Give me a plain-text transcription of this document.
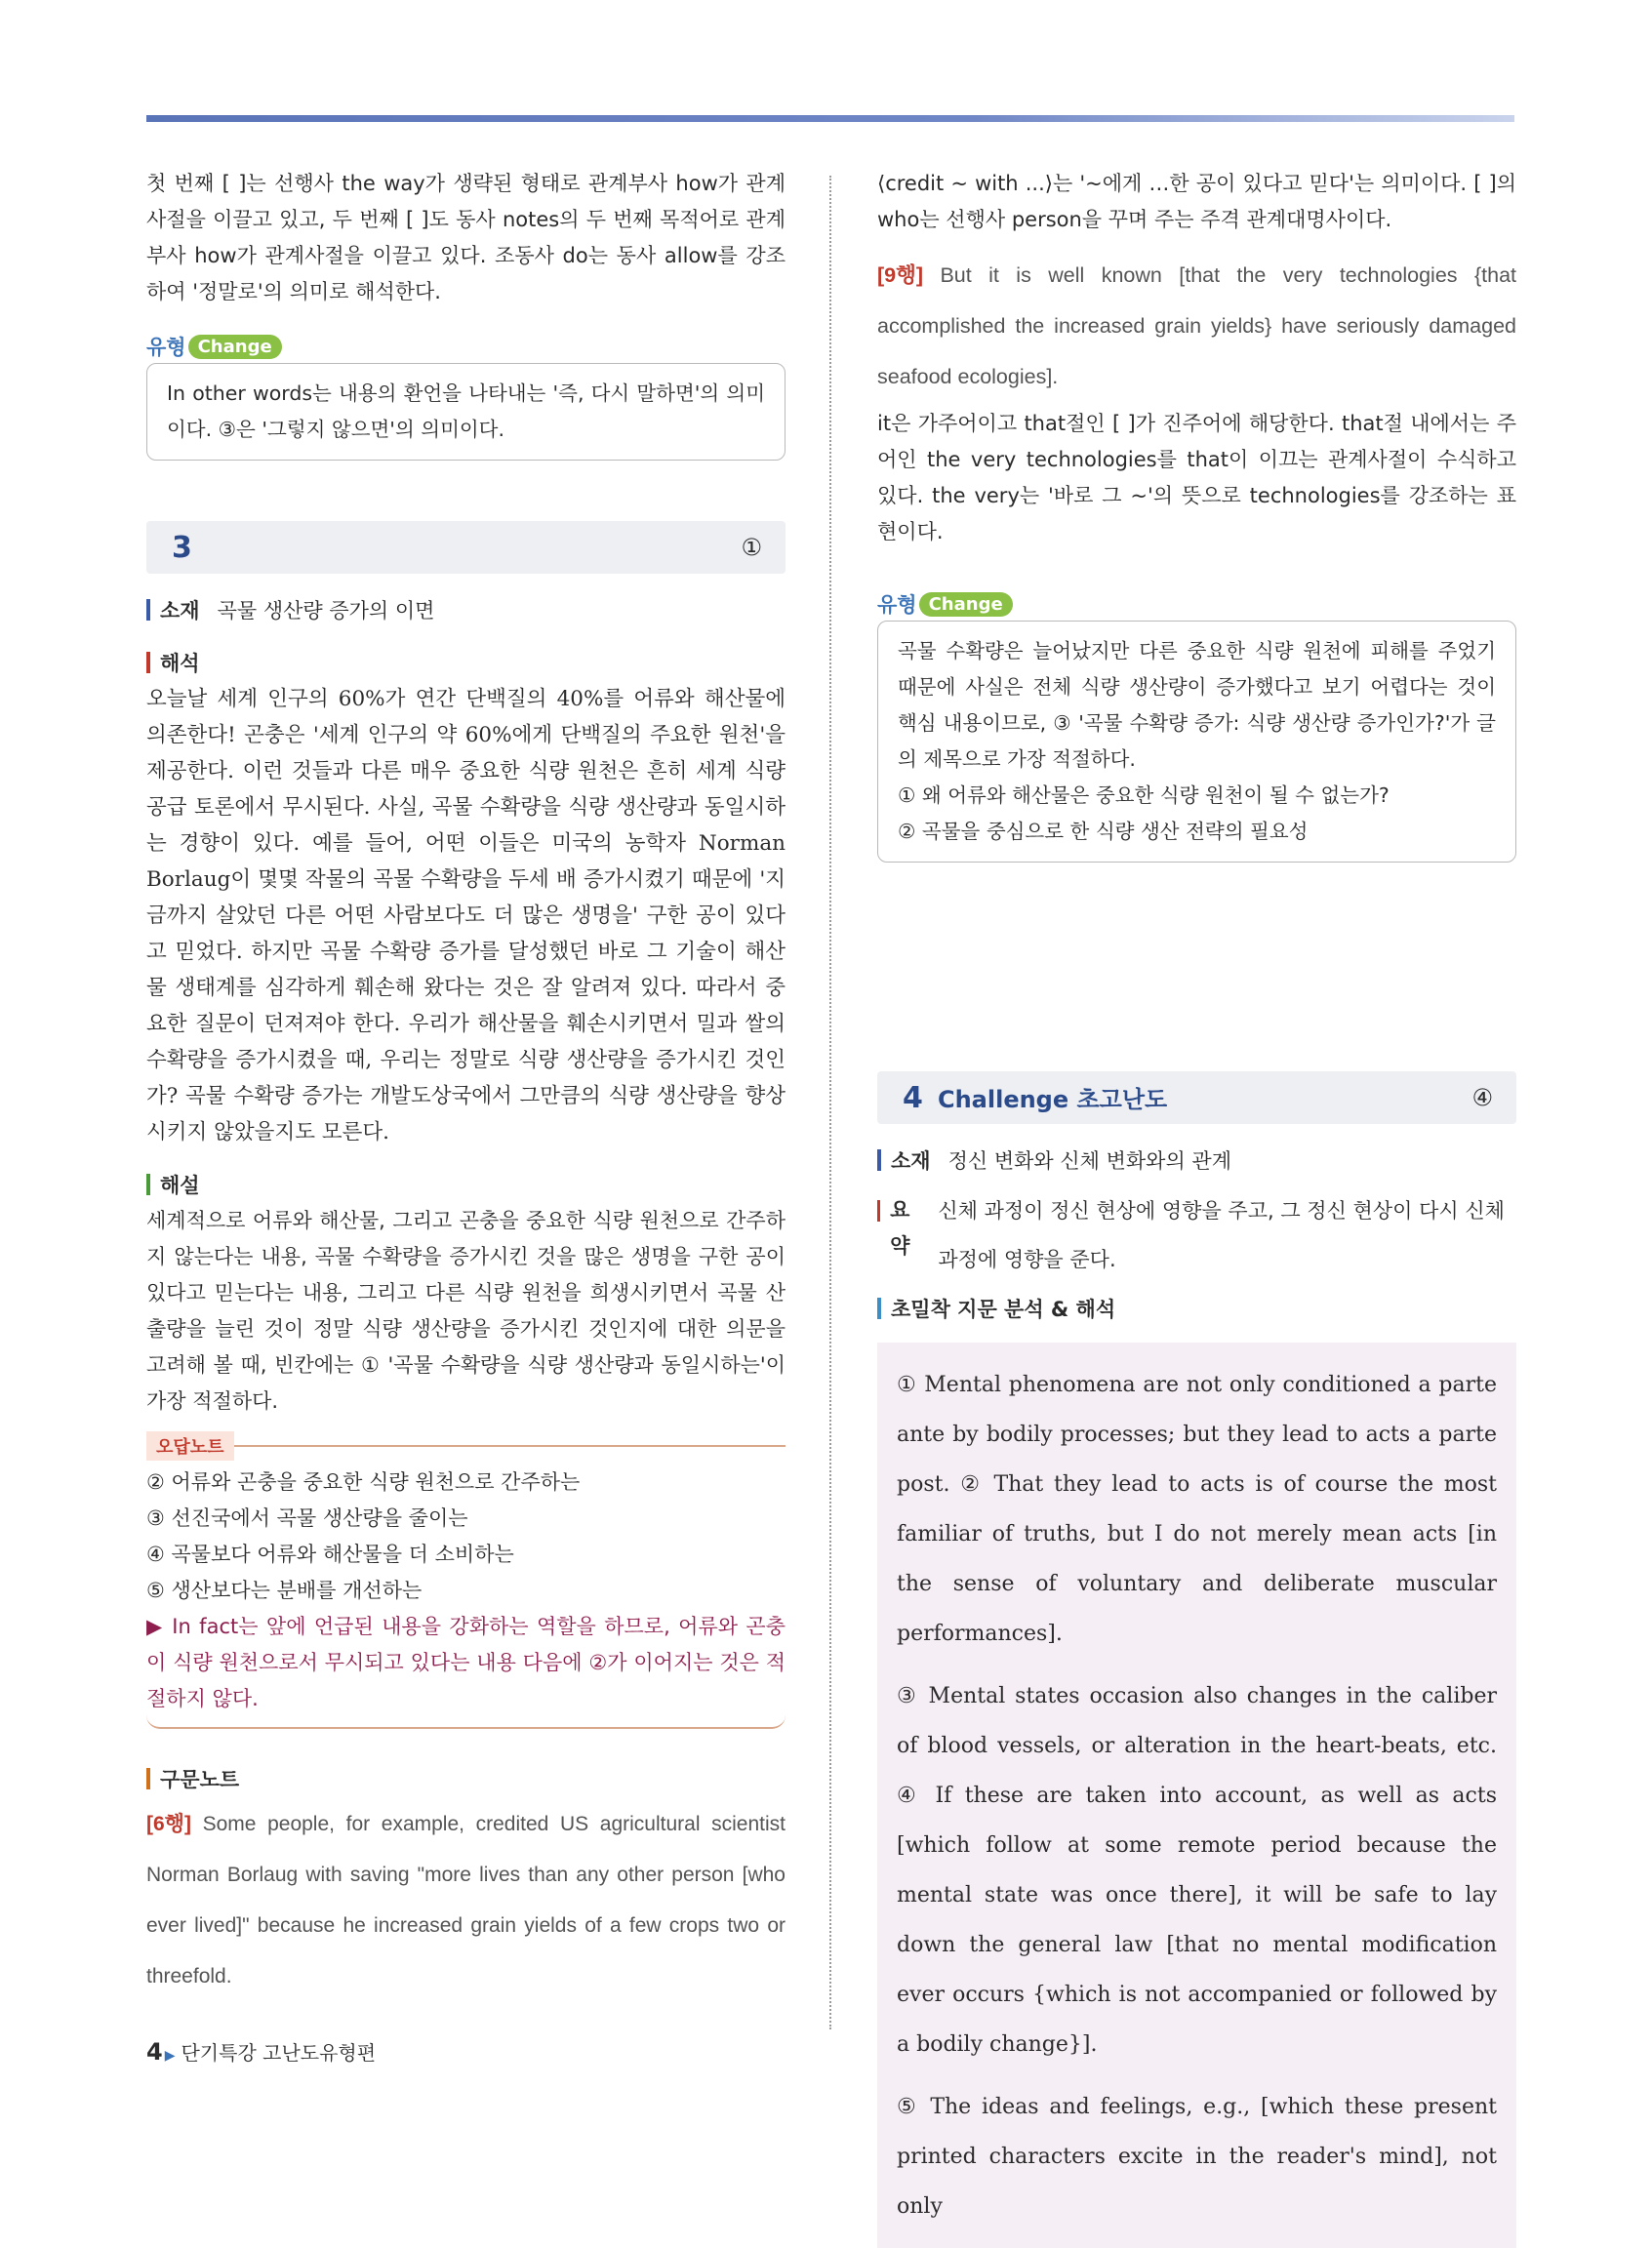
첫 번째 [ ]는 선행사 the way가 생략된 형태로 관계부사 how가 관계사절을 이끌고 있고, 두 번째 [ ]도 동사 notes의 두 번째 목적어로 관계부사 how가 관계사절을 이끌고 있다. 조동사 do는 동사 allow를 강조하여 '정말로'의 의미로 해석한다.

유형 Change

In other words는 내용의 환언을 나타내는 '즉, 다시 말하면'의 의미이다. ③은 '그렇지 않으면'의 의미이다.

3	①
소재 곡물 생산량 증가의 이면
해석

오늘날 세계 인구의 60%가 연간 단백질의 40%를 어류와 해산물에 의존한다! 곤충은 '세계 인구의 약 60%에게 단백질의 주요한 원천'을 제공한다. 이런 것들과 다른 매우 중요한 식량 원천은 흔히 세계 식량 공급 토론에서 무시된다. 사실, 곡물 수확량을 식량 생산량과 동일시하는 경향이 있다. 예를 들어, 어떤 이들은 미국의 농학자 Norman Borlaug이 몇몇 작물의 곡물 수확량을 두세 배 증가시켰기 때문에 '지금까지 살았던 다른 어떤 사람보다도 더 많은 생명을' 구한 공이 있다고 믿었다. 하지만 곡물 수확량 증가를 달성했던 바로 그 기술이 해산물 생태계를 심각하게 훼손해 왔다는 것은 잘 알려져 있다. 따라서 중요한 질문이 던져져야 한다. 우리가 해산물을 훼손시키면서 밀과 쌀의 수확량을 증가시켰을 때, 우리는 정말로 식량 생산량을 증가시킨 것인가? 곡물 수확량 증가는 개발도상국에서 그만큼의 식량 생산량을 향상시키지 않았을지도 모른다.

해설

세계적으로 어류와 해산물, 그리고 곤충을 중요한 식량 원천으로 간주하지 않는다는 내용, 곡물 수확량을 증가시킨 것을 많은 생명을 구한 공이 있다고 믿는다는 내용, 그리고 다른 식량 원천을 희생시키면서 곡물 산출량을 늘린 것이 정말 식량 생산량을 증가시킨 것인지에 대한 의문을 고려해 볼 때, 빈칸에는 ① '곡물 수확량을 식량 생산량과 동일시하는'이 가장 적절하다.

오답노트

② 어류와 곤충을 중요한 식량 원천으로 간주하는

③ 선진국에서 곡물 생산량을 줄이는

④ 곡물보다 어류와 해산물을 더 소비하는

⑤ 생산보다는 분배를 개선하는

▶ In fact는 앞에 언급된 내용을 강화하는 역할을 하므로, 어류와 곤충이 식량 원천으로서 무시되고 있다는 내용 다음에 ②가 이어지는 것은 적절하지 않다.

구문노트

[6행] Some people, for example, credited US agricultural scientist Norman Borlaug with saving "more lives than any other person [who ever lived]" because he increased grain yields of a few crops two or threefold.

⟨credit ~ with ...⟩는 '~에게 …한 공이 있다고 믿다'는 의미이다. [ ]의 who는 선행사 person을 꾸며 주는 주격 관계대명사이다.

[9행] But it is well known [that the very technologies {that accomplished the increased grain yields} have seriously damaged seafood ecologies].

it은 가주어이고 that절인 [ ]가 진주어에 해당한다. that절 내에서는 주어인 the very technologies를 that이 이끄는 관계사절이 수식하고 있다. the very는 '바로 그 ~'의 뜻으로 technologies를 강조하는 표현이다.

유형 Change

곡물 수확량은 늘어났지만 다른 중요한 식량 원천에 피해를 주었기 때문에 사실은 전체 식량 생산량이 증가했다고 보기 어렵다는 것이 핵심 내용이므로, ③ '곡물 수확량 증가: 식량 생산량 증가인가?'가 글의 제목으로 가장 적절하다.

① 왜 어류와 해산물은 중요한 식량 원천이 될 수 없는가?

② 곡물을 중심으로 한 식량 생산 전략의 필요성

4 Challenge 초고난도	④
소재 정신 변화와 신체 변화와의 관계
요약
신체 과정이 정신 현상에 영향을 주고, 그 정신 현상이 다시 신체 과정에 영향을 준다.
초밀착 지문 분석 & 해석

① Mental phenomena are not only conditioned a parte ante by bodily processes; but they lead to acts a parte post. ② That they lead to acts is of course the most familiar of truths, but I do not merely mean acts [in the sense of voluntary and deliberate muscular performances].

③ Mental states occasion also changes in the caliber of blood vessels, or alteration in the heart-beats, etc. ④ If these are taken into account, as well as acts [which follow at some remote period because the mental state was once there], it will be safe to lay down the general law [that no mental modification ever occurs {which is not accompanied or followed by a bodily change}].

⑤ The ideas and feelings, e.g., [which these present printed characters excite in the reader's mind], not only

4 ▶ 단기특강 고난도유형편
